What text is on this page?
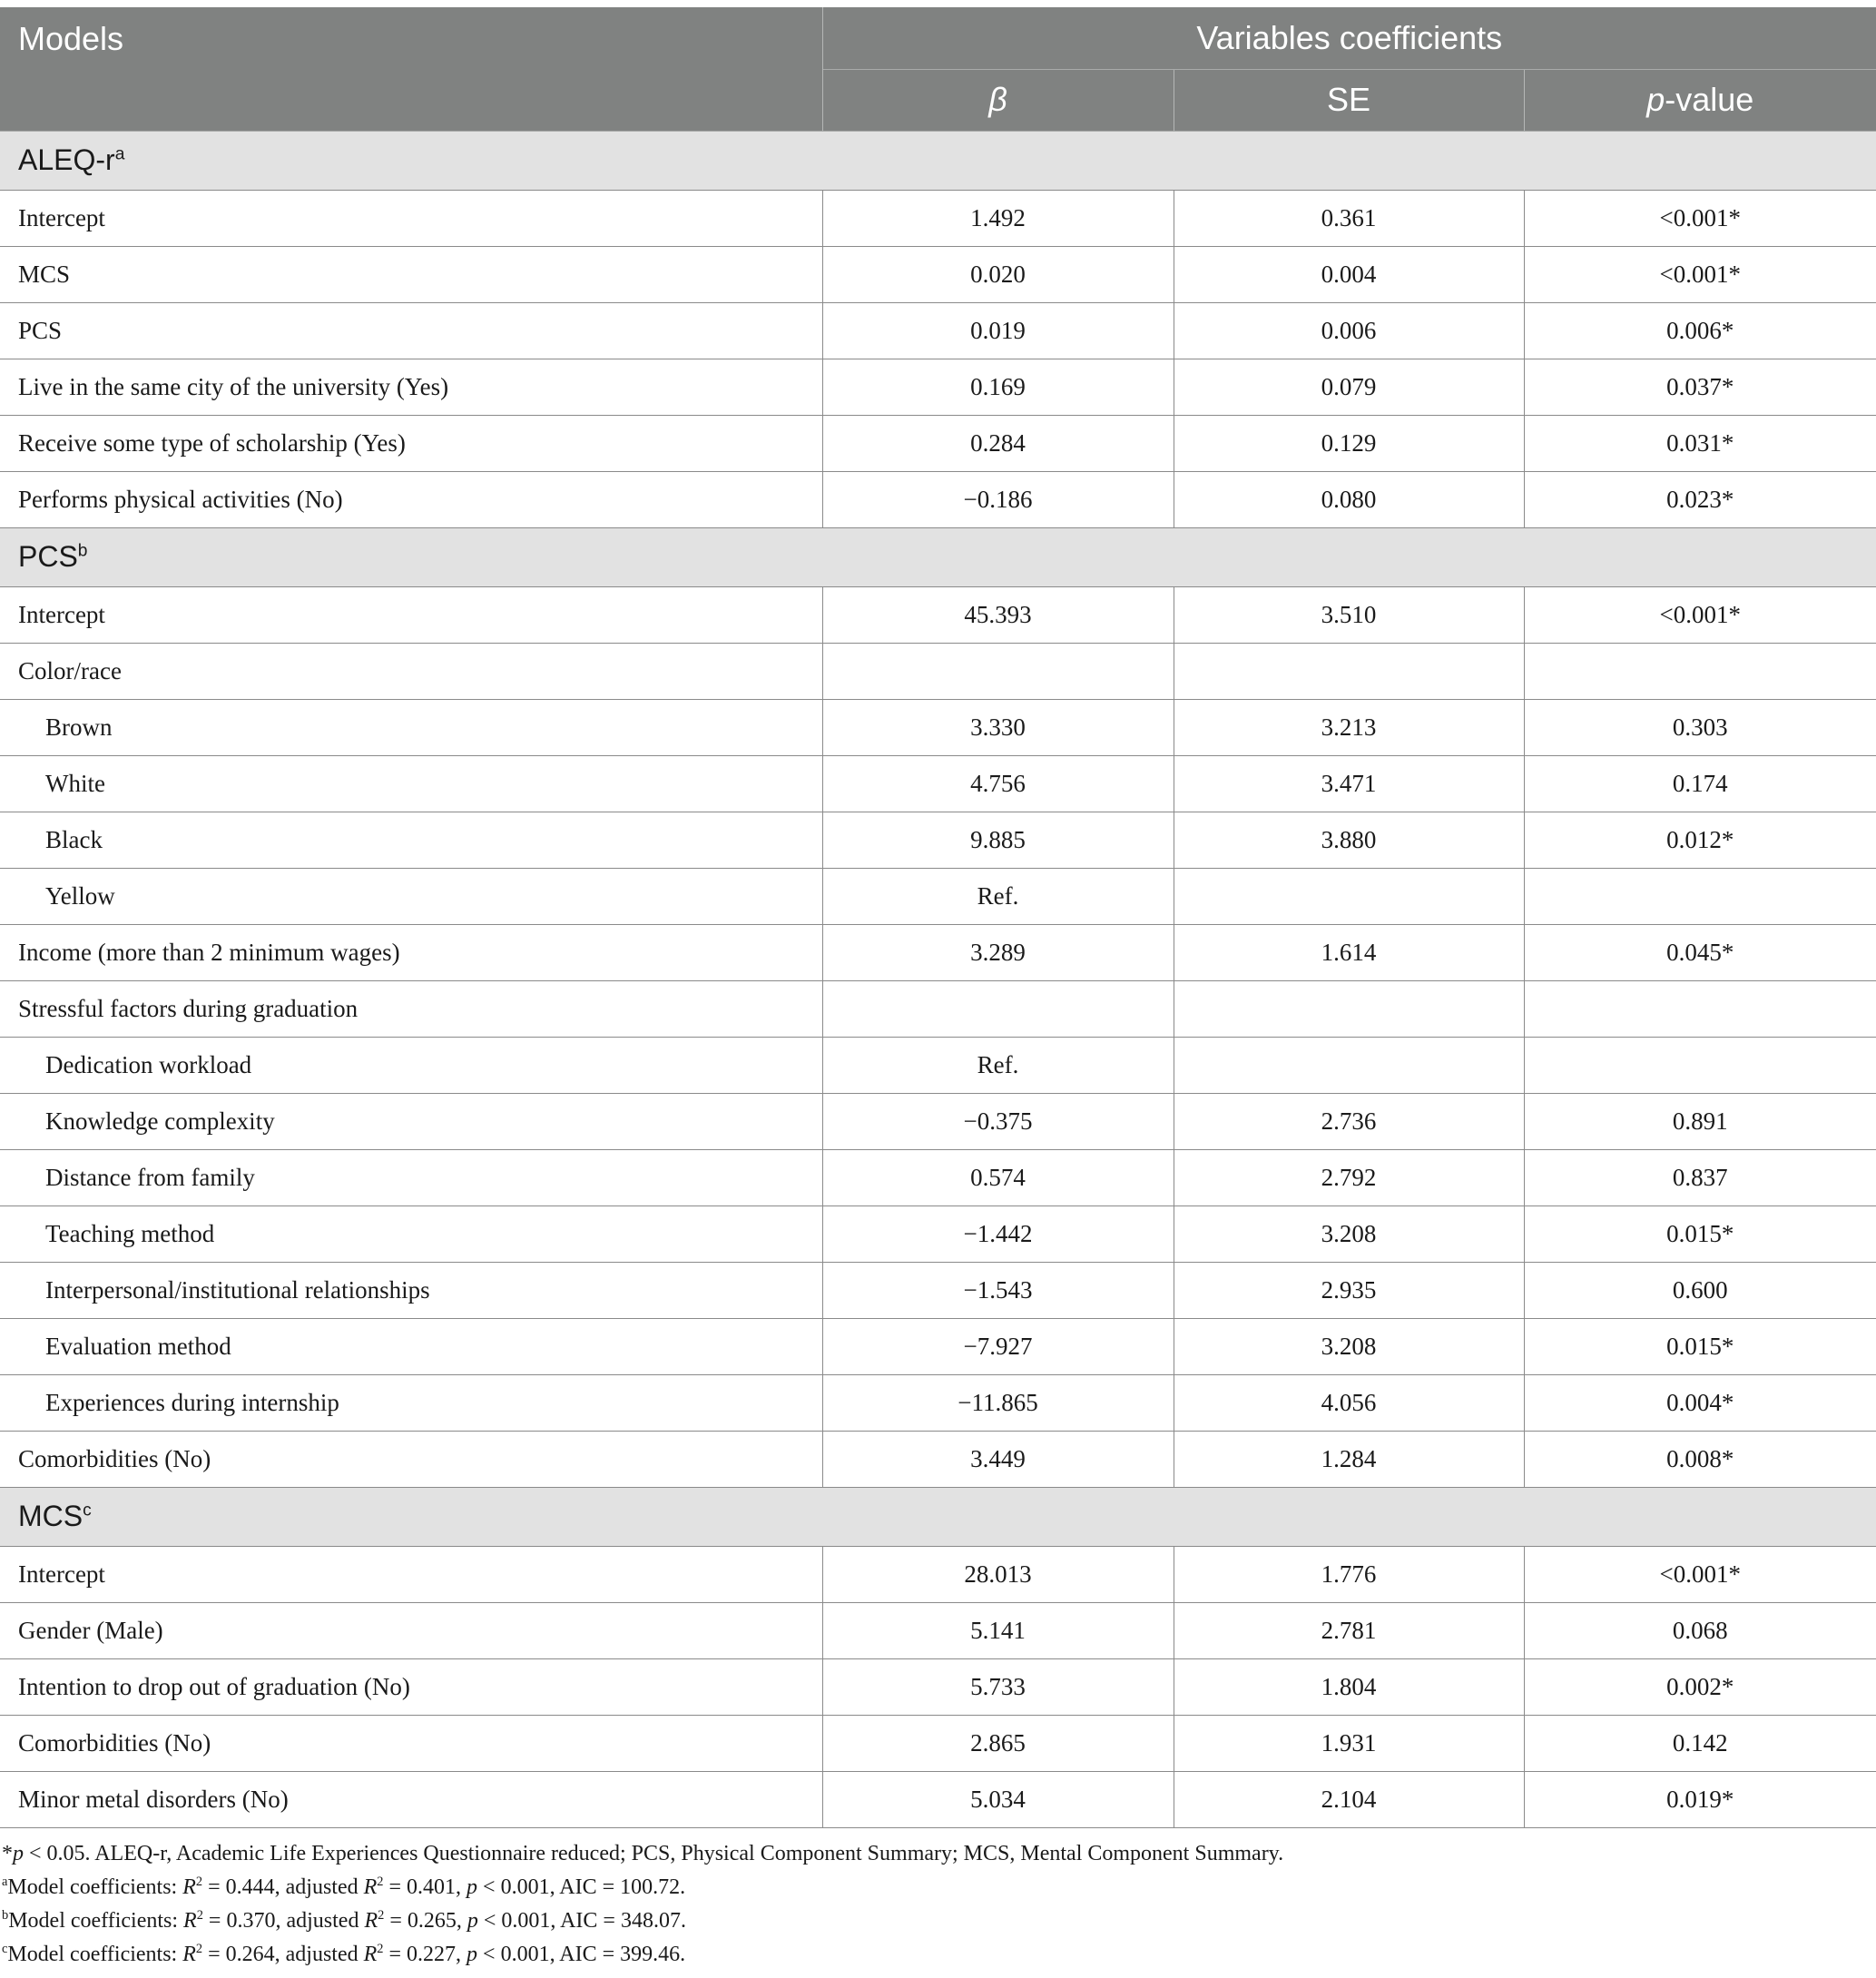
Models	Variables coefficients		
	β	SE	p-value
ALEQ-$r^a$
Intercept	1.492	0.361	<0.001*
MCS	0.020	0.004	<0.001*
PCS	0.019	0.006	0.006*
Live in the same city of the university (Yes)	0.169	0.079	0.037*
Receive some type of scholarship (Yes)	0.284	0.129	0.031*
Performs physical activities (No)	−0.186	0.080	0.023*
PCS$^b$
Intercept	45.393	3.510	<0.001*
Color/race			
Brown	3.330	3.213	0.303
White	4.756	3.471	0.174
Black	9.885	3.880	0.012*
Yellow	Ref.		
Income (more than 2 minimum wages)	3.289	1.614	0.045*
Stressful factors during graduation			
Dedication workload	Ref.		
Knowledge complexity	−0.375	2.736	0.891
Distance from family	0.574	2.792	0.837
Teaching method	−1.442	3.208	0.015*
Interpersonal/institutional relationships	−1.543	2.935	0.600
Evaluation method	−7.927	3.208	0.015*
Experiences during internship	−11.865	4.056	0.004*
Comorbidities (No)	3.449	1.284	0.008*
MCS$^c$
Intercept	28.013	1.776	<0.001*
Gender (Male)	5.141	2.781	0.068
Intention to drop out of graduation (No)	5.733	1.804	0.002*
Comorbidities (No)	2.865	1.931	0.142
Minor metal disorders (No)	5.034	2.104	0.019*
*p < 0.05. ALEQ-r, Academic Life Experiences Questionnaire reduced; PCS, Physical Component Summary; MCS, Mental Component Summary.
$^a$Model coefficients: $R^2 = 0.444$, adjusted $R^2 = 0.401$, p < 0.001, AIC = 100.72.
$^b$Model coefficients: $R^2 = 0.370$, adjusted $R^2 = 0.265$, p < 0.001, AIC = 348.07.
$^c$Model coefficients: $R^2 = 0.264$, adjusted $R^2 = 0.227$, p < 0.001, AIC = 399.46.
